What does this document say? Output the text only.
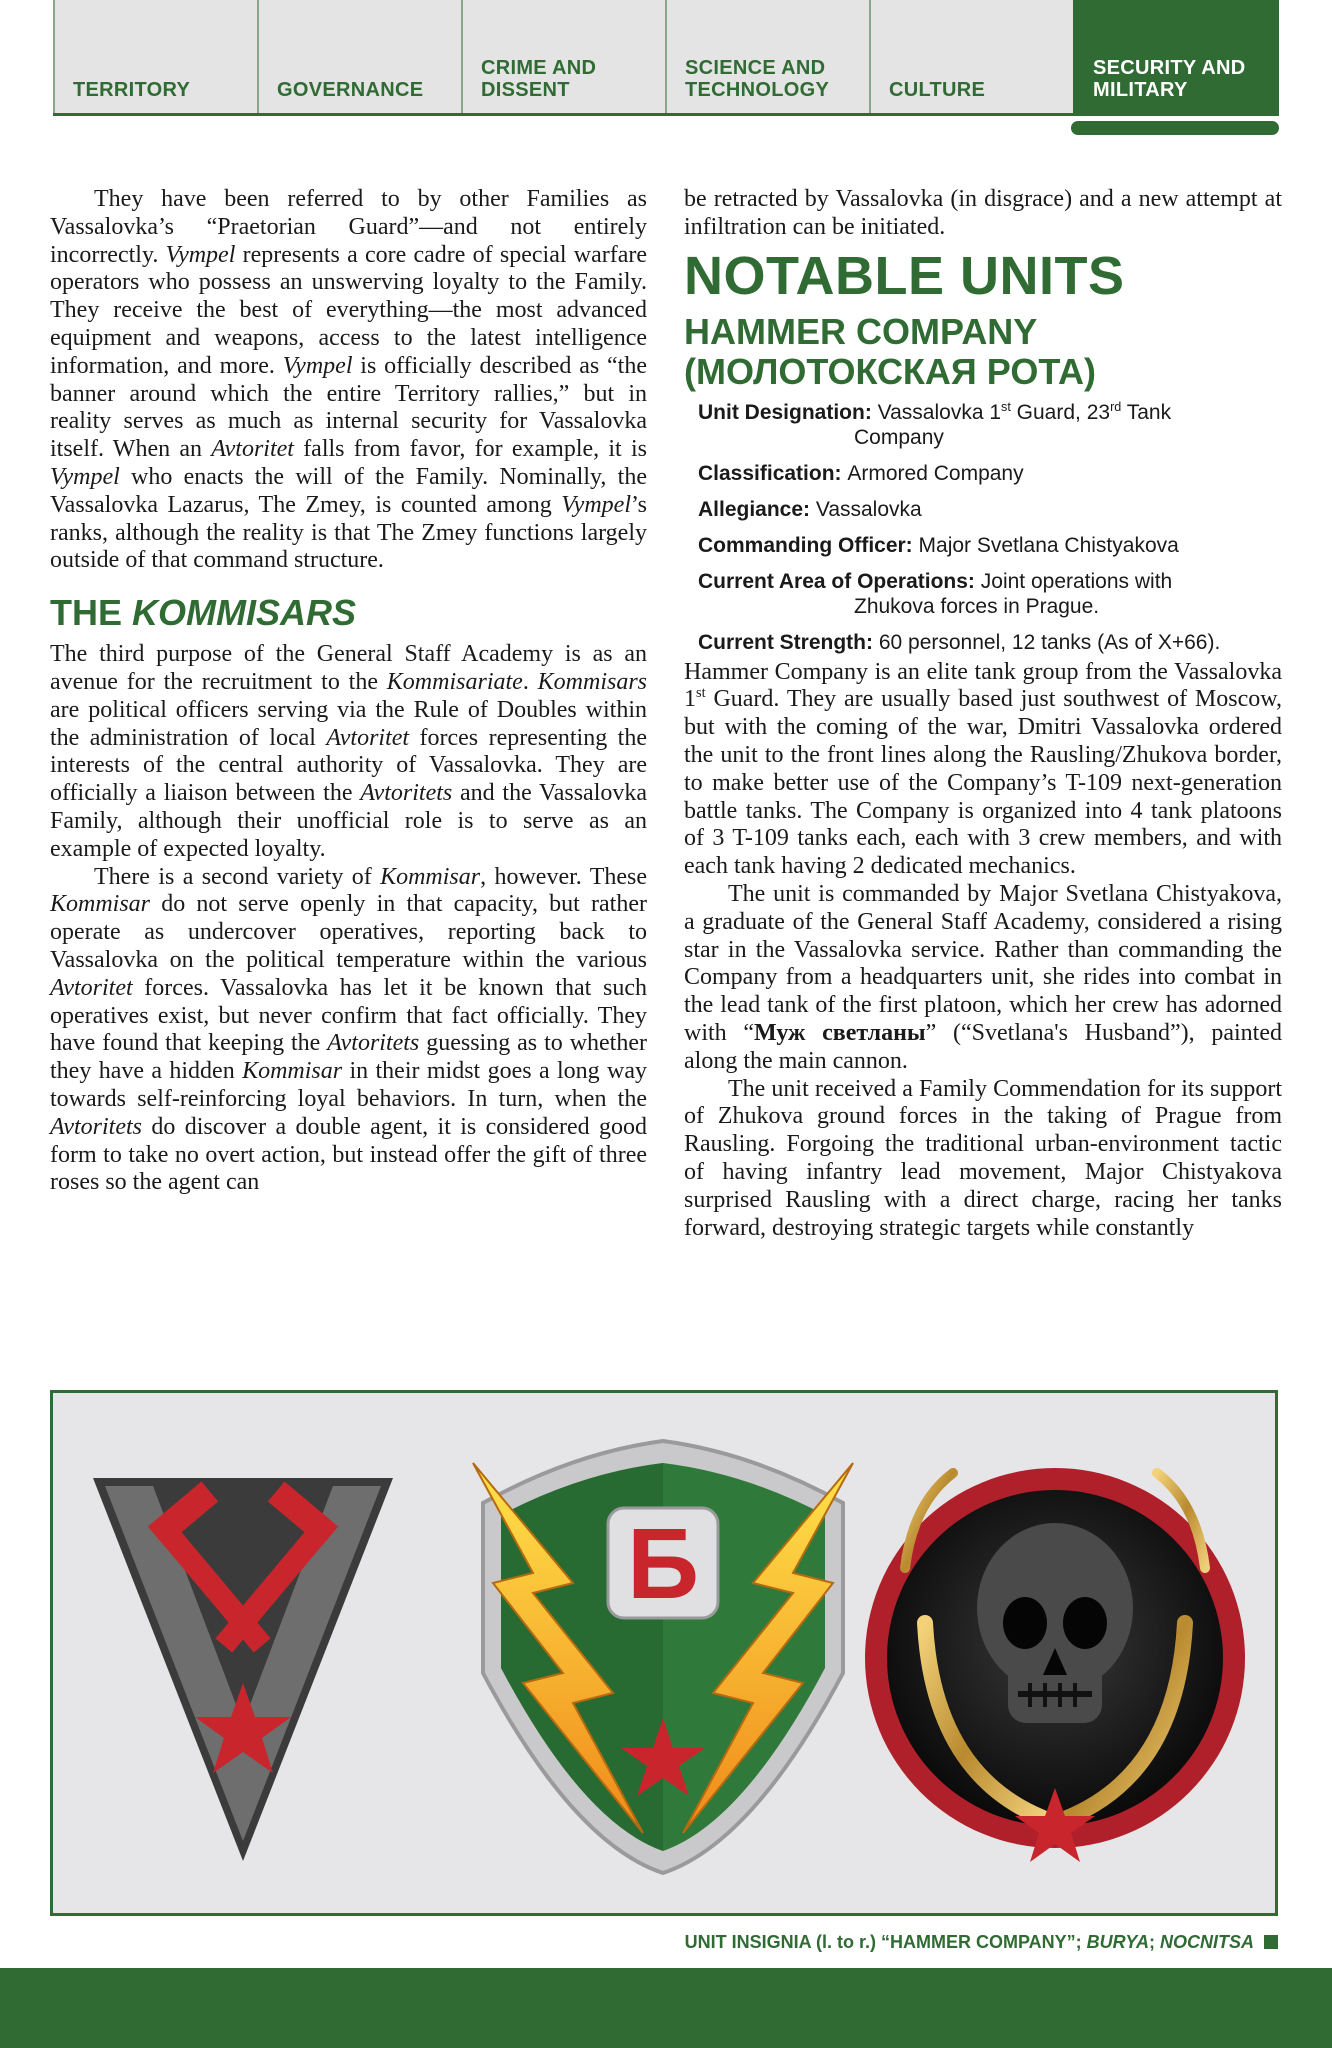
TERRITORY	GOVERNANCE
CRIME AND DISSENT
SCIENCE AND TECHNOLOGY	CULTURE
SECURITY AND MILITARY

They have been referred to by other Families as Vassalovka’s “Praetorian Guard”—and not entirely incorrectly. Vympel represents a core cadre of special warfare operators who possess an unswerving loyalty to the Family. They receive the best of everything—the most advanced equipment and weapons, access to the latest intelligence information, and more. Vympel is officially described as “the banner around which the entire Territory rallies,” but in reality serves as much as internal security for Vassalovka itself. When an Avtoritet falls from favor, for example, it is Vympel who enacts the will of the Family. Nominally, the Vassalovka Lazarus, The Zmey, is counted among Vympel’s ranks, although the reality is that The Zmey functions largely outside of that command structure.

THE KOMMISARS

The third purpose of the General Staff Academy is as an avenue for the recruitment to the Kommisariate. Kommisars are political officers serving via the Rule of Doubles within the administration of local Avtoritet forces representing the interests of the central authority of Vassalovka. They are officially a liaison between the Avtoritets and the Vassalovka Family, although their unofficial role is to serve as an example of expected loyalty.

There is a second variety of Kommisar, however. These Kommisar do not serve openly in that capacity, but rather operate as undercover operatives, reporting back to Vassalovka on the political temperature within the various Avtoritet forces. Vassalovka has let it be known that such operatives exist, but never confirm that fact officially. They have found that keeping the Avtoritets guessing as to whether they have a hidden Kommisar in their midst goes a long way towards self-reinforcing loyal behaviors. In turn, when the Avtoritets do discover a double agent, it is considered good form to take no overt action, but instead offer the gift of three roses so the agent can

be retracted by Vassalovka (in disgrace) and a new attempt at infiltration can be initiated.

NOTABLE UNITS
HAMMER COMPANY
(МОЛОТОКСКАЯ РОТА)
Unit Designation: Vassalovka 1st Guard, 23rd Tank
Company
Classification: Armored Company
Allegiance: Vassalovka
Commanding Officer: Major Svetlana Chistyakova
Current Area of Operations: Joint operations with
Zhukova forces in Prague.
Current Strength: 60 personnel, 12 tanks (As of X+66).

Hammer Company is an elite tank group from the Vassalovka 1st Guard. They are usually based just southwest of Moscow, but with the coming of the war, Dmitri Vassalovka ordered the unit to the front lines along the Rausling/Zhukova border, to make better use of the Company’s T-109 next-generation battle tanks. The Company is organized into 4 tank platoons of 3 T-109 tanks each, each with 3 crew members, and with each tank having 2 dedicated mechanics.

The unit is commanded by Major Svetlana Chistyakova, a graduate of the General Staff Academy, considered a rising star in the Vassalovka service. Rather than commanding the Company from a headquarters unit, she rides into combat in the lead tank of the first platoon, which her crew has adorned with “Муж светланы” (“Svetlana's Husband”), painted along the main cannon.

The unit received a Family Commendation for its support of Zhukova ground forces in the taking of Prague from Rausling. Forgoing the traditional urban-environment tactic of having infantry lead movement, Major Chistyakova surprised Rausling with a direct charge, racing her tanks forward, destroying strategic targets while constantly

Б
UNIT INSIGNIA (l. to r.) “HAMMER COMPANY”; BURYA; NOCNITSA
